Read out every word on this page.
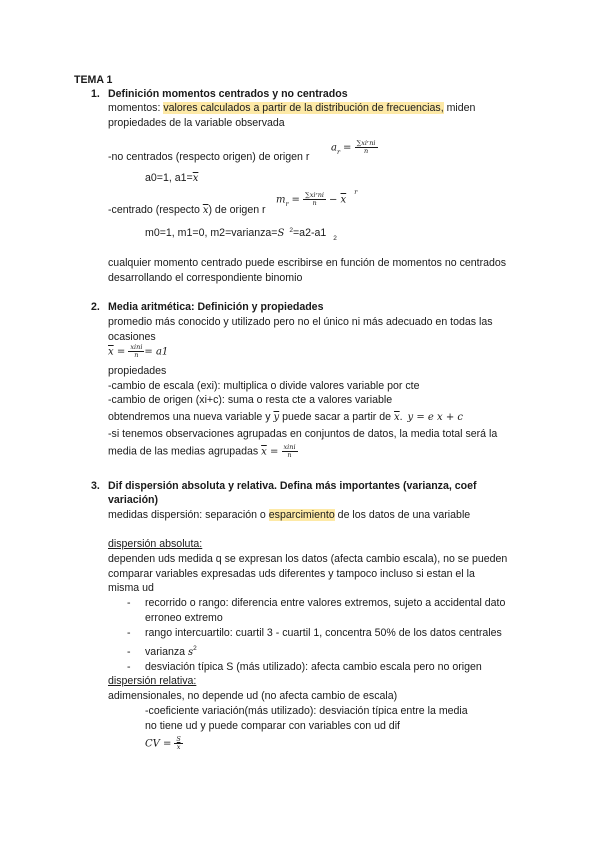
TEMA 1
1. Definición momentos centrados y no centrados
momentos: valores calculados a partir de la distribución de frecuencias, miden
propiedades de la variable observada
-no centrados (respecto origen) de origen r
$a_r = \frac{\text{∑xiʳni}}{n}$
a0=1, $a1=\overline{x}$
-centrado (respecto $\overline{x}$) de origen r
$m_r = \frac{\text{∑xiʳni}}{n} - \overline{x}^r$
m0=1, m1=0, m2=varianza=S $^2$=a2-a1 $_2$
cualquier momento centrado puede escribirse en función de momentos no centrados
desarrollando el correspondiente binomio
2. Media aritmética: Definición y propiedades
promedio más conocido y utilizado pero no el único ni más adecuado en todas las
ocasiones
$\overline{x} = \frac{\text{xini}}{n} = a1$
propiedades
-cambio de escala (exi): multiplica o divide valores variable por cte
-cambio de origen (xi+c): suma o resta cte a valores variable
obtendremos una nueva variable y $\overline{y}$ puede sacar a partir de $\overline{x}$. y = e x + c
-si tenemos observaciones agrupadas en conjuntos de datos, la media total será la
media de las medias agrupadas $\overline{x} = \frac{\text{xini}}{n}$
3. Dif dispersión absoluta y relativa. Defina más importantes (varianza, coef
variación)
medidas dispersión: separación o esparcimiento de los datos de una variable
dispersión absoluta:
dependen uds medida q se expresan los datos (afecta cambio escala), no se pueden
comparar variables expresadas uds diferentes y tampoco incluso si estan el la
misma ud
- recorrido o rango: diferencia entre valores extremos, sujeto a accidental dato
erroneo extremo
- rango intercuartilo: cuartil 3 - cuartil 1, concentra 50% de los datos centrales
- varianza $s^2$
- desviación típica S (más utilizado): afecta cambio escala pero no origen
dispersión relativa:
adimensionales, no depende ud (no afecta cambio de escala)
-coeficiente variación(más utilizado): desviación típica entre la media
no tiene ud y puede comparar con variables con ud dif
CV = $\frac{S}{x}$
